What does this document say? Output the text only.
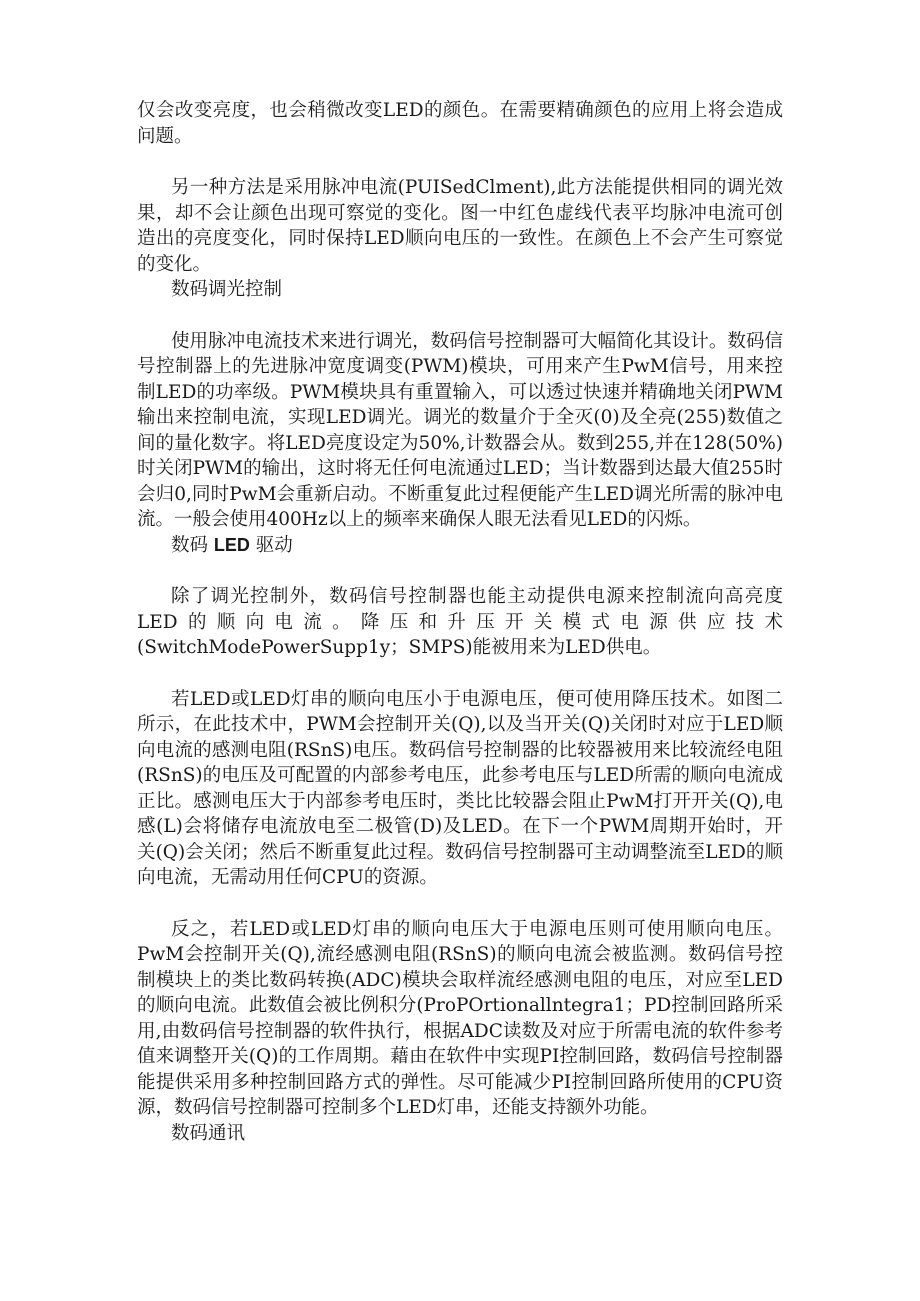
仅会改变亮度，也会稍微改变LED的颜色。在需要精确颜色的应用上将会造成问题。

另一种方法是采用脉冲电流(PUISedClment),此方法能提供相同的调光效果，却不会让颜色出现可察觉的变化。图一中红色虚线代表平均脉冲电流可创造出的亮度变化，同时保持LED顺向电压的一致性。在颜色上不会产生可察觉的变化。

数码调光控制

使用脉冲电流技术来进行调光，数码信号控制器可大幅简化其设计。数码信号控制器上的先进脉冲宽度调变(PWM)模块，可用来产生PwM信号，用来控制LED的功率级。PWM模块具有重置输入，可以透过快速并精确地关闭PWM输出来控制电流，实现LED调光。调光的数量介于全灭(0)及全亮(255)数值之间的量化数字。将LED亮度设定为50%,计数器会从。数到255,并在128(50%)时关闭PWM的输出，这时将无任何电流通过LED；当计数器到达最大值255时会归0,同时PwM会重新启动。不断重复此过程便能产生LED调光所需的脉冲电流。一般会使用400Hz以上的频率来确保人眼无法看见LED的闪烁。

数码 LED 驱动

除了调光控制外，数码信号控制器也能主动提供电源来控制流向高亮度LED的顺向电流。降压和升压开关模式电源供应技术(SwitchModePowerSupp1y；SMPS)能被用来为LED供电。

若LED或LED灯串的顺向电压小于电源电压，便可使用降压技术。如图二所示，在此技术中，PWM会控制开关(Q),以及当开关(Q)关闭时对应于LED顺向电流的感测电阻(RSnS)电压。数码信号控制器的比较器被用来比较流经电阻(RSnS)的电压及可配置的内部参考电压，此参考电压与LED所需的顺向电流成正比。感测电压大于内部参考电压时，类比比较器会阻止PwM打开开关(Q),电感(L)会将储存电流放电至二极管(D)及LED。在下一个PWM周期开始时，开关(Q)会关闭；然后不断重复此过程。数码信号控制器可主动调整流至LED的顺向电流，无需动用任何CPU的资源。

反之，若LED或LED灯串的顺向电压大于电源电压则可使用顺向电压。PwM会控制开关(Q),流经感测电阻(RSnS)的顺向电流会被监测。数码信号控制模块上的类比数码转换(ADC)模块会取样流经感测电阻的电压，对应至LED的顺向电流。此数值会被比例积分(ProPOrtionallntegra1；PD控制回路所采用,由数码信号控制器的软件执行，根据ADC读数及对应于所需电流的软件参考值来调整开关(Q)的工作周期。藉由在软件中实现PI控制回路，数码信号控制器能提供采用多种控制回路方式的弹性。尽可能减少PI控制回路所使用的CPU资源，数码信号控制器可控制多个LED灯串，还能支持额外功能。

数码通讯
